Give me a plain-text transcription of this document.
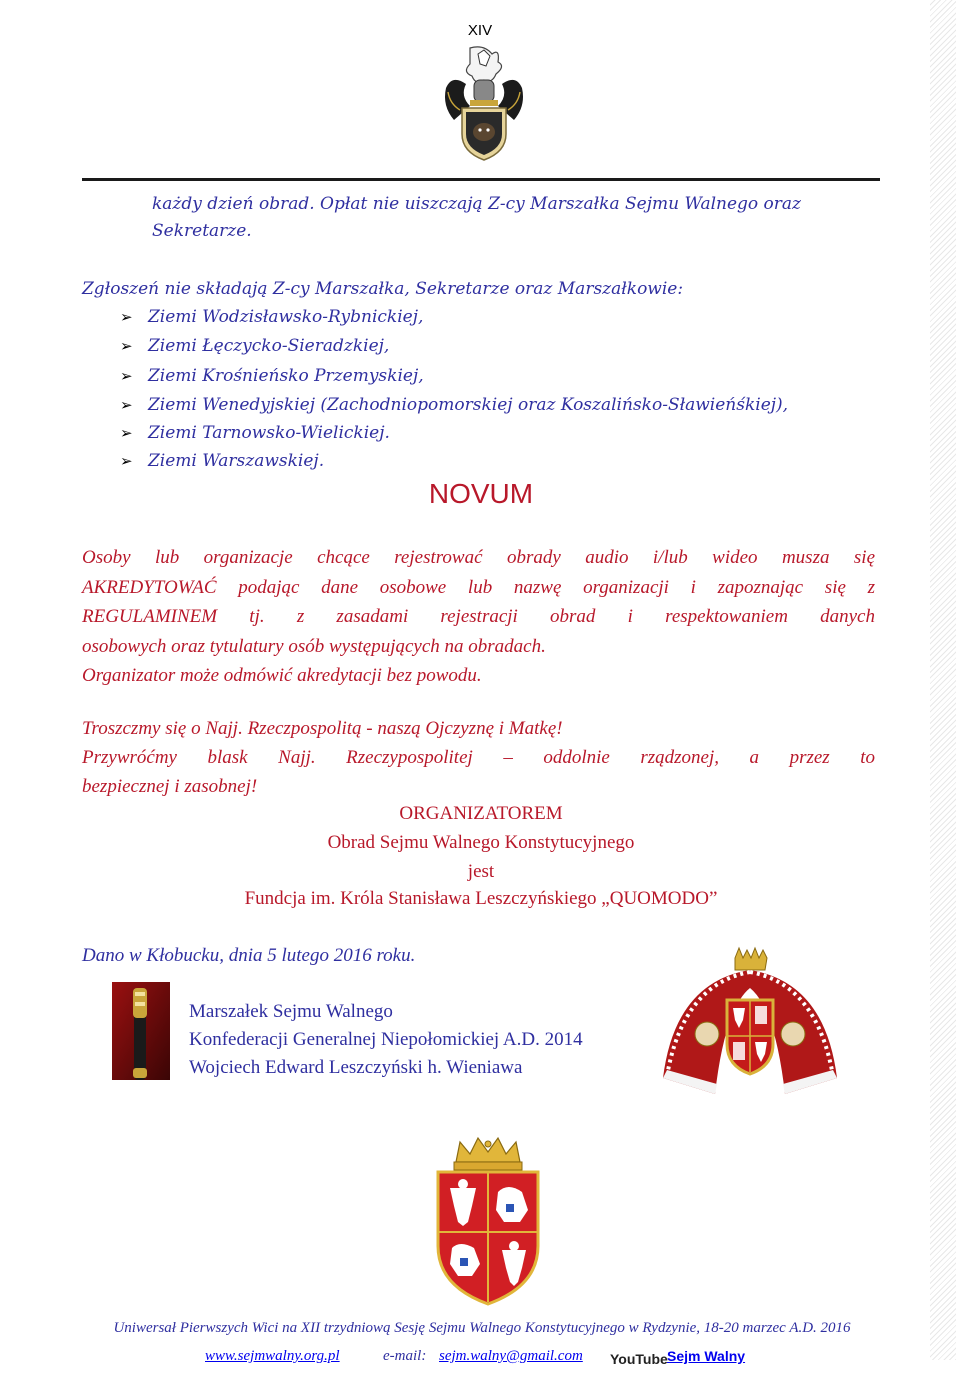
XIV
każdy dzień obrad. Opłat nie uiszczają Z-cy Marszałka Sejmu Walnego oraz
Sekretarze.
Zgłoszeń nie składają Z-cy Marszałka, Sekretarze oraz Marszałkowie:
➢ Ziemi Wodzisławsko-Rybnickiej,
➢ Ziemi Łęczycko-Sieradzkiej,
➢ Ziemi Krośnieńsko Przemyskiej,
➢ Ziemi Wenedyjskiej (Zachodniopomorskiej oraz Koszalińsko-Sławieńśkiej),
➢ Ziemi Tarnowsko-Wielickiej.
➢ Ziemi Warszawskiej.
NOVUM
Osoby lub organizacje chcące rejestrować obrady audio i/lub wideo musza się
AKREDYTOWAĆ podając dane osobowe lub nazwę organizacji i zapoznając się z
REGULAMINEM tj. z zasadami rejestracji obrad i respektowaniem danych
osobowych oraz tytulatury osób występujących na obradach.
Organizator może odmówić akredytacji bez powodu.
Troszczmy się o Najj. Rzeczpospolitą - naszą Ojczyznę i Matkę!
Przywróćmy blask Najj. Rzeczypospolitej – oddolnie rządzonej, a przez to
bezpiecznej i zasobnej!
ORGANIZATOREM
Obrad Sejmu Walnego Konstytucyjnego
jest
Fundcja im. Króla Stanisława Leszczyńskiego „QUOMODO”
Dano w Kłobucku, dnia 5 lutego 2016 roku.
Marszałek Sejmu Walnego
Konfederacji Generalnej Niepołomickiej A.D. 2014
Wojciech Edward Leszczyński h. Wieniawa
Uniwersał Pierwszych Wici na XII trzydniową Sesję Sejmu Walnego Konstytucyjnego w Rydzynie, 18-20 marzec A.D. 2016
www.sejmwalny.org.pl	e-mail: sejm.walny@gmail.com YouTube Sejm Walny
